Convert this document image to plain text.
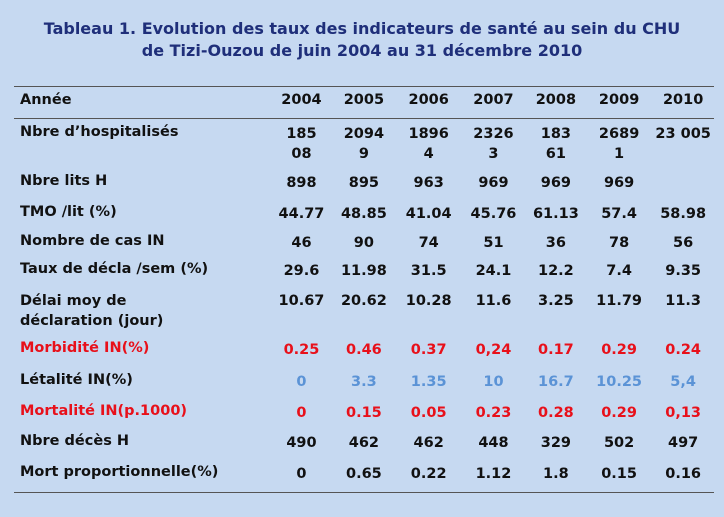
Tableau 1. Evolution des taux des indicateurs de santé au sein du CHU
de Tizi-Ouzou de juin 2004 au 31 décembre 2010
Année	2004	2005	2006	2007	2008	2009	2010
Nbre d’hospitalisés	18508	20949	18964	23263	18361	26891	23 005
Nbre lits H	898	895	963	969	969	969	
TMO /lit (%)	44.77	48.85	41.04	45.76	61.13	57.4	58.98
Nombre de cas IN	46	90	74	51	36	78	56
Taux de décla /sem (%)	29.6	11.98	31.5	24.1	12.2	7.4	9.35
Délai moy de déclaration (jour)	10.67	20.62	10.28	11.6	3.25	11.79	11.3
Morbidité IN(%)	0.25	0.46	0.37	0,24	0.17	0.29	0.24
Létalité IN(%)	0	3.3	1.35	10	16.7	10.25	5,4
Mortalité IN(p.1000)	0	0.15	0.05	0.23	0.28	0.29	0,13
Nbre décès H	490	462	462	448	329	502	497
Mort proportionnelle(%)	0	0.65	0.22	1.12	1.8	0.15	0.16
